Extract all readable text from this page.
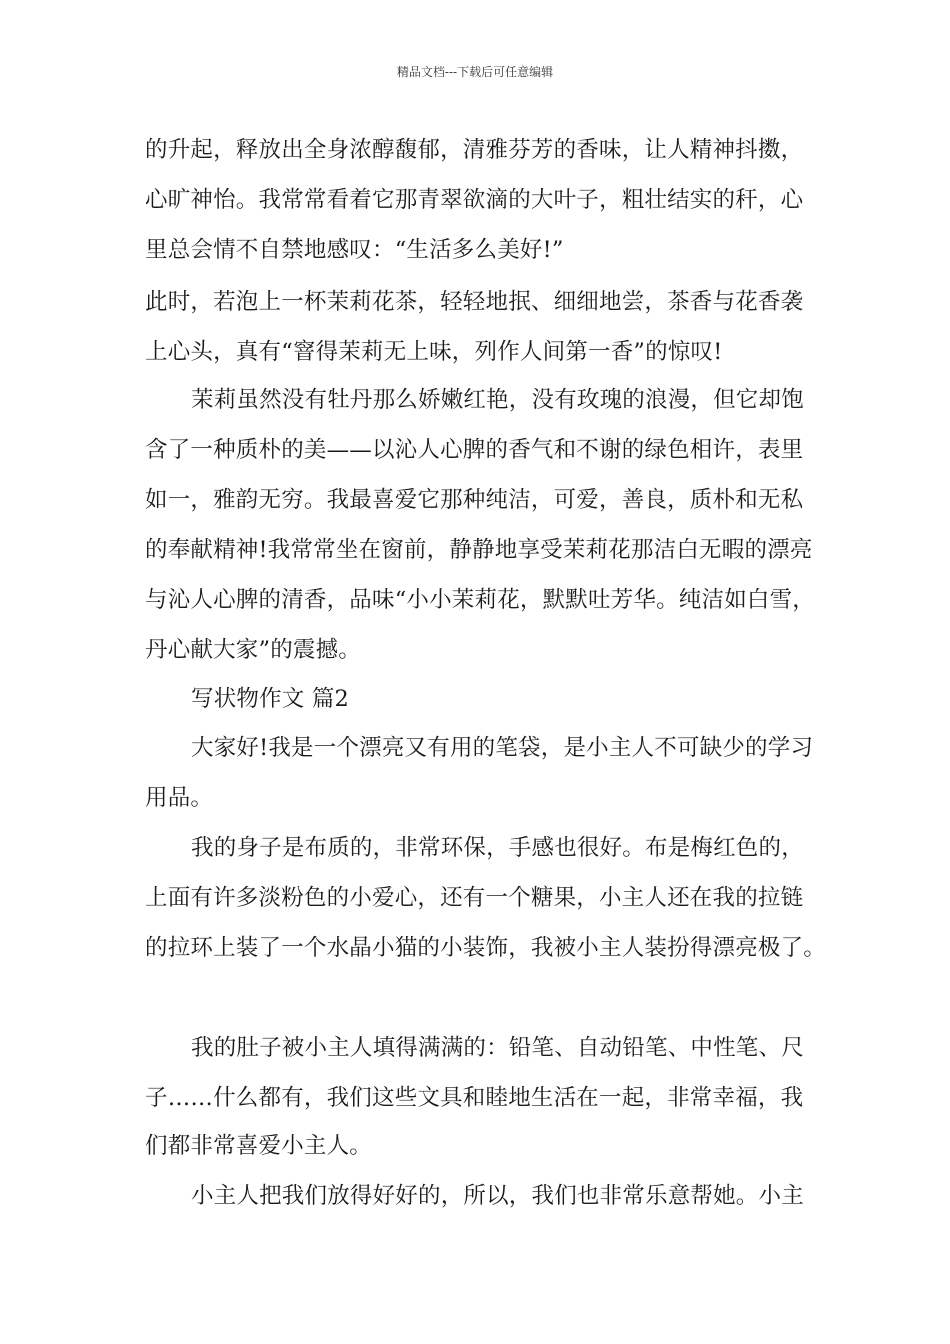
精品文档---下载后可任意编辑
的升起，释放出全身浓醇馥郁，清雅芬芳的香味，让人精神抖擞，
心旷神怡。我常常看着它那青翠欲滴的大叶子，粗壮结实的秆，心
里总会情不自禁地感叹：“生活多么美好!”
此时，若泡上一杯茉莉花茶，轻轻地抿、细细地尝，茶香与花香袭
上心头，真有“窨得茉莉无上味，列作人间第一香”的惊叹!
茉莉虽然没有牡丹那么娇嫩红艳，没有玫瑰的浪漫，但它却饱
含了一种质朴的美——以沁人心脾的香气和不谢的绿色相许，表里
如一，雅韵无穷。我最喜爱它那种纯洁，可爱，善良，质朴和无私
的奉献精神!我常常坐在窗前，静静地享受茉莉花那洁白无暇的漂亮
与沁人心脾的清香，品味“小小茉莉花，默默吐芳华。纯洁如白雪，
丹心献大家”的震撼。
写状物作文 篇2
大家好!我是一个漂亮又有用的笔袋，是小主人不可缺少的学习
用品。
我的身子是布质的，非常环保，手感也很好。布是梅红色的，
上面有许多淡粉色的小爱心，还有一个糖果，小主人还在我的拉链
的拉环上装了一个水晶小猫的小装饰，我被小主人装扮得漂亮极了。
我的肚子被小主人填得满满的：铅笔、自动铅笔、中性笔、尺
子……什么都有，我们这些文具和睦地生活在一起，非常幸福，我
们都非常喜爱小主人。
小主人把我们放得好好的，所以，我们也非常乐意帮她。小主
